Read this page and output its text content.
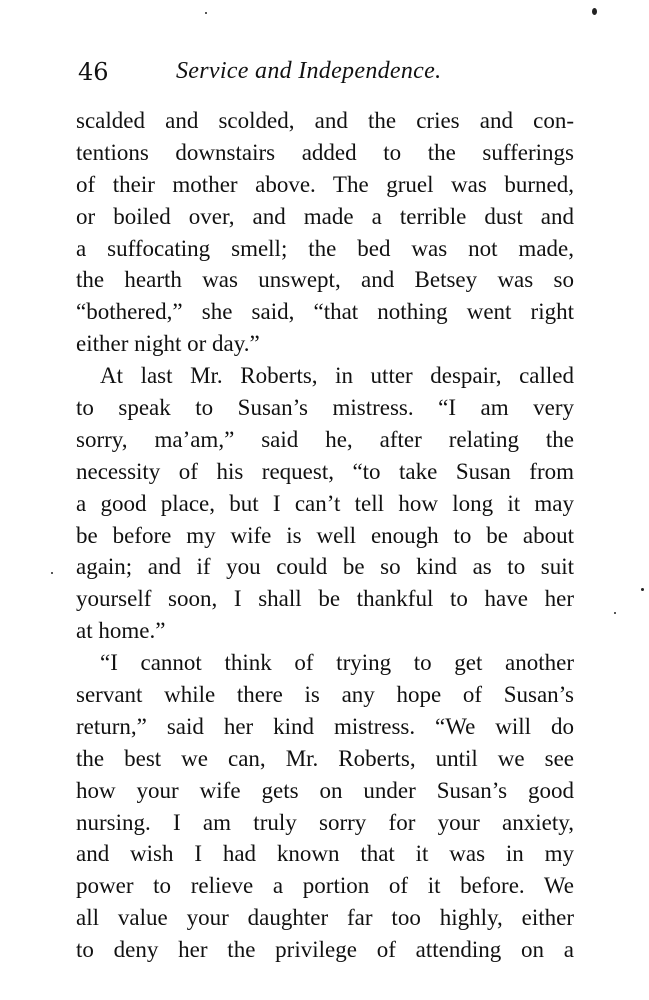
46	Service and Independence.
scalded and scolded, and the cries and con-
tentions downstairs added to the sufferings
of their mother above. The gruel was burned,
or boiled over, and made a terrible dust and
a suffocating smell; the bed was not made,
the hearth was unswept, and Betsey was so
“bothered,” she said, “that nothing went right
either night or day.”
At last Mr. Roberts, in utter despair, called
to speak to Susan’s mistress. “I am very
sorry, ma’am,” said he, after relating the
necessity of his request, “to take Susan from
a good place, but I can’t tell how long it may
be before my wife is well enough to be about
again; and if you could be so kind as to suit
yourself soon, I shall be thankful to have her
at home.”
“I cannot think of trying to get another
servant while there is any hope of Susan’s
return,” said her kind mistress. “We will do
the best we can, Mr. Roberts, until we see
how your wife gets on under Susan’s good
nursing. I am truly sorry for your anxiety,
and wish I had known that it was in my
power to relieve a portion of it before. We
all value your daughter far too highly, either
to deny her the privilege of attending on a
